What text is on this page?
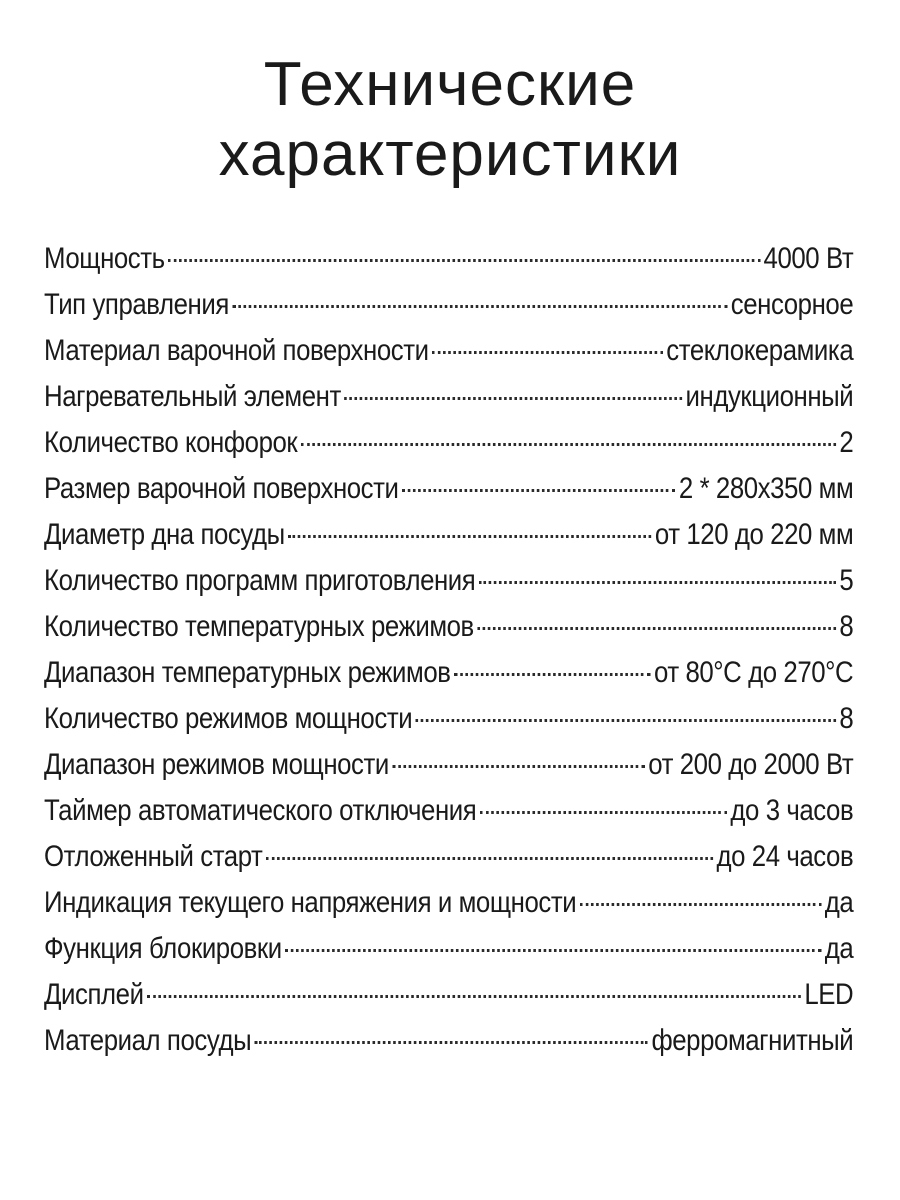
Технические
характеристики
Мощность	4000 Вт
Тип управления	сенсорное
Материал варочной поверхности	стеклокерамика
Нагревательный элемент	индукционный
Количество конфорок	2
Размер варочной поверхности	2 * 280x350 мм
Диаметр дна посуды	от 120 до 220 мм
Количество программ приготовления	5
Количество температурных режимов	8
Диапазон температурных режимов	от 80°С до 270°С
Количество режимов мощности	8
Диапазон режимов мощности	от 200 до 2000 Вт
Таймер автоматического отключения	до 3 часов
Отложенный старт	до 24 часов
Индикация текущего напряжения и мощности	да
Функция блокировки	да
Дисплей	LED
Материал посуды	ферромагнитный
